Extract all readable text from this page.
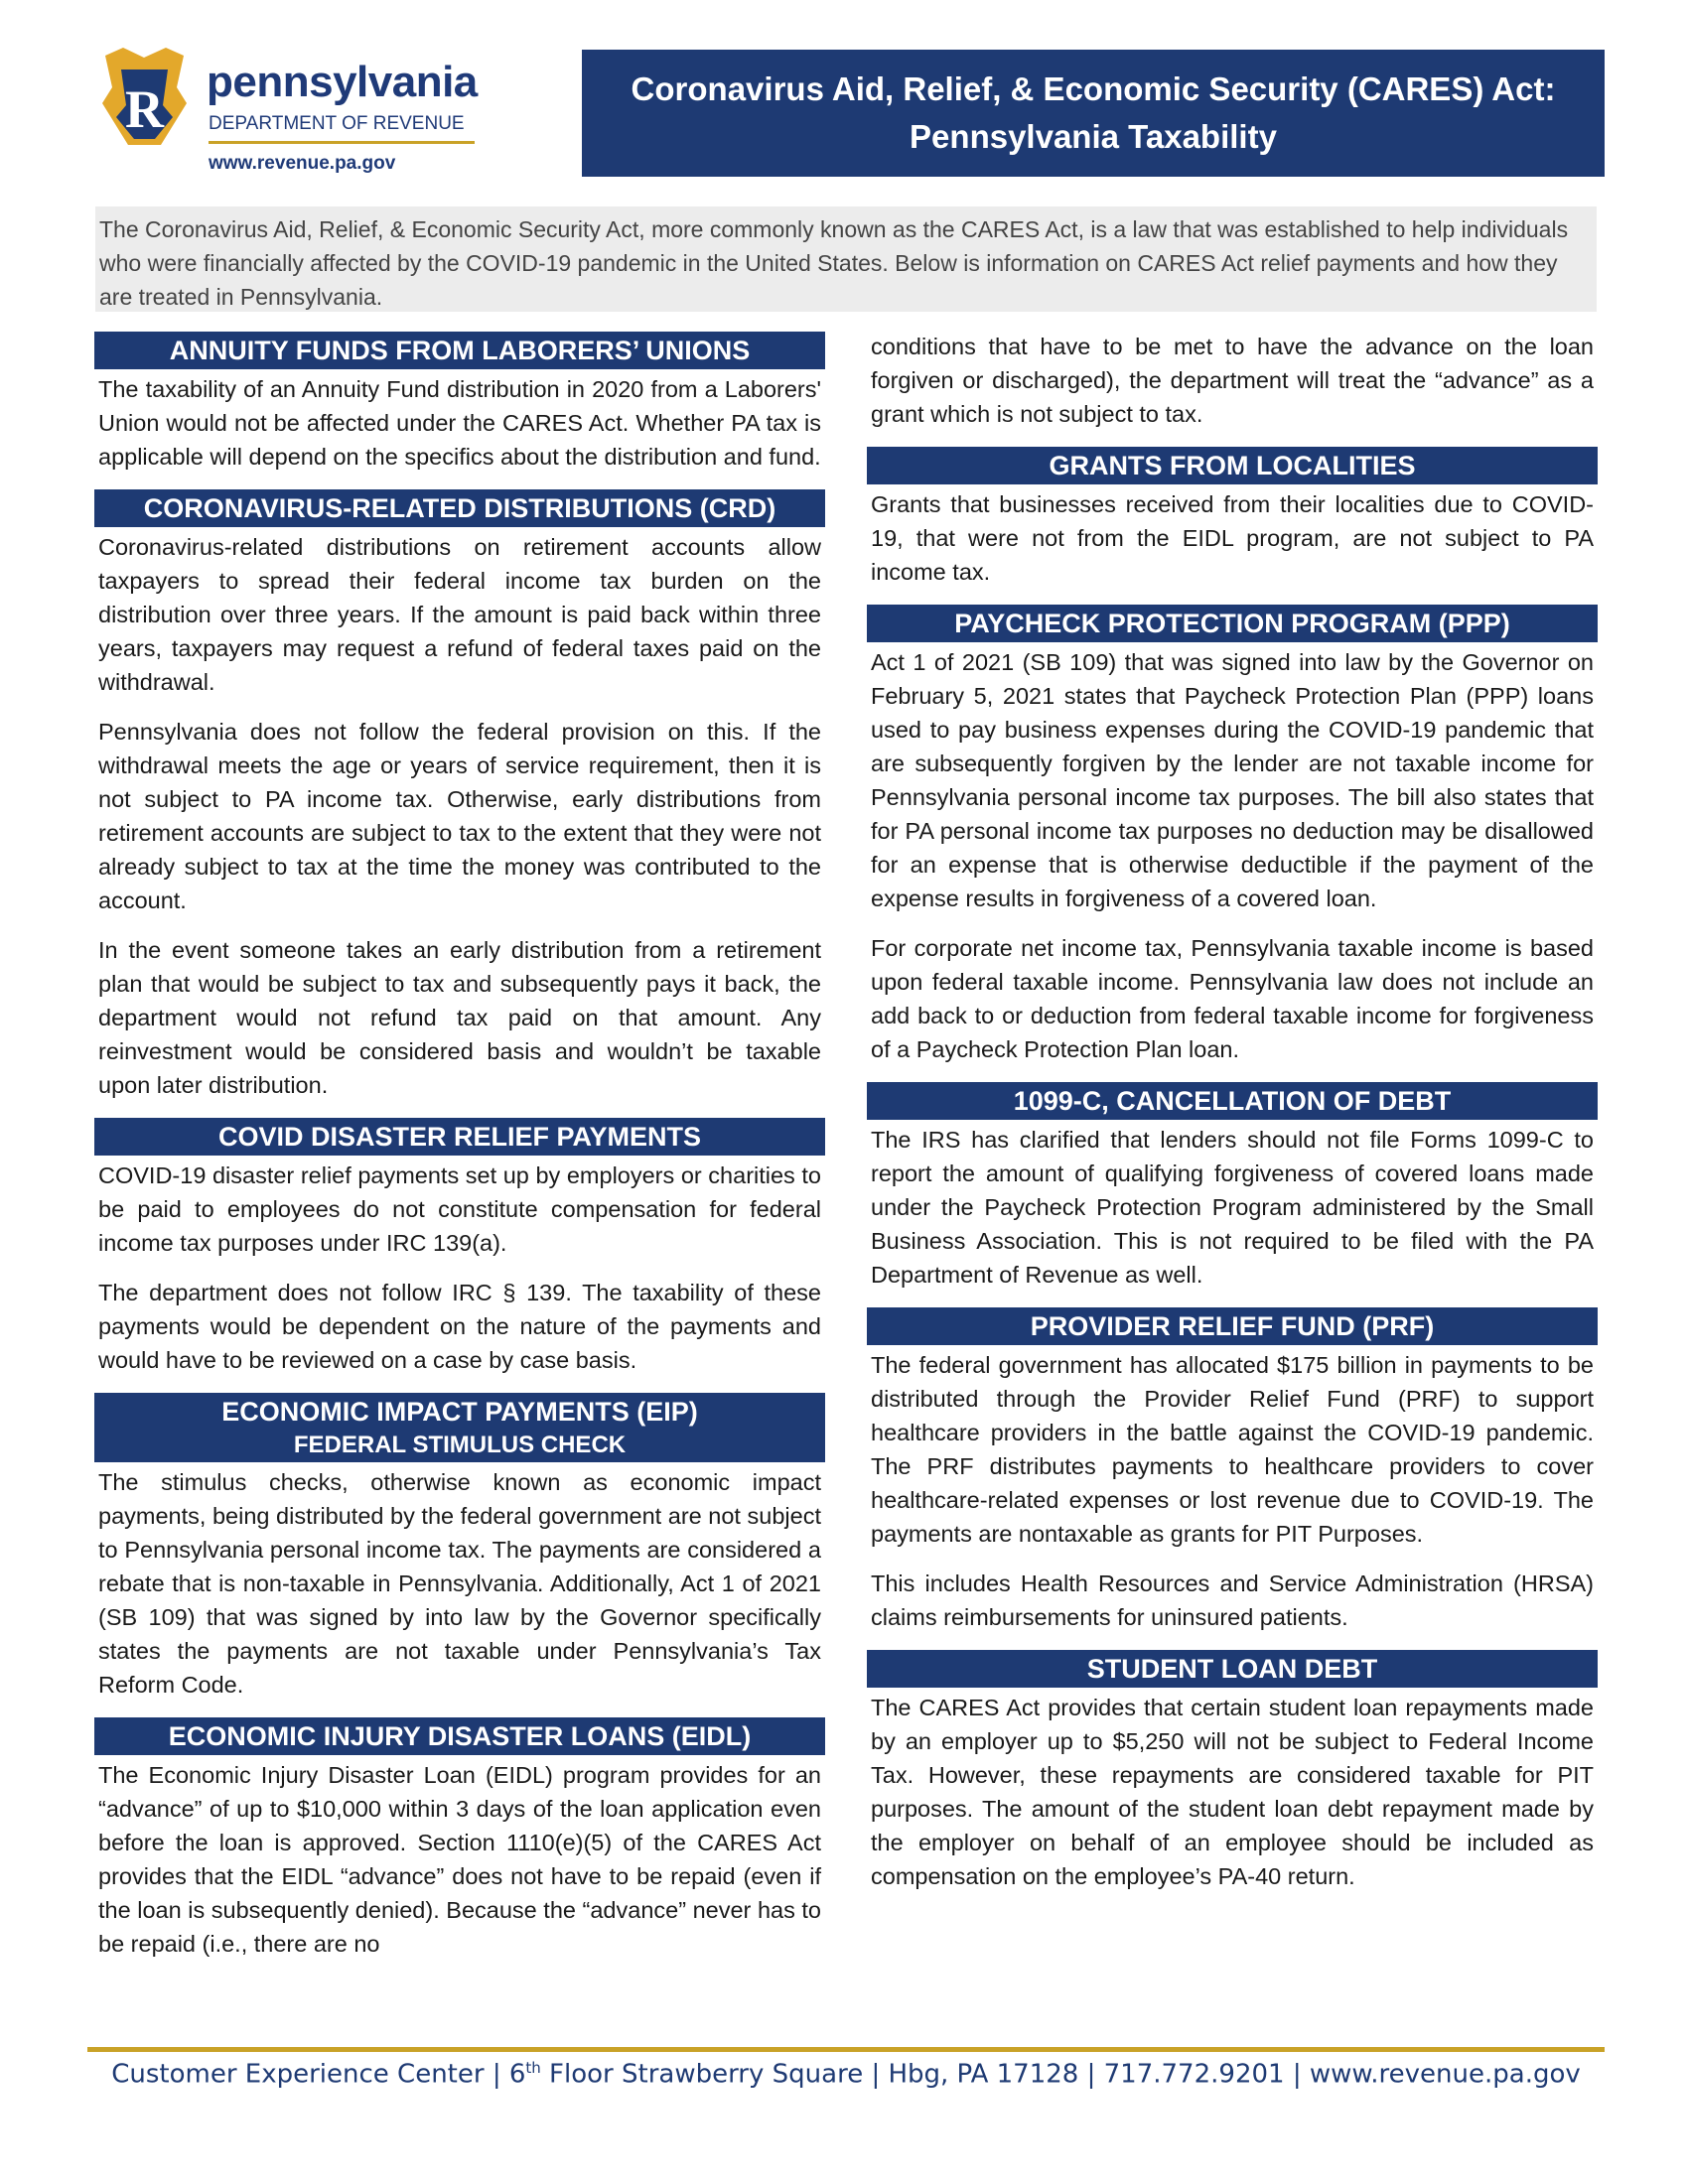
R pennsylvania
DEPARTMENT OF REVENUE
www.revenue.pa.gov
Coronavirus Aid, Relief, & Economic Security (CARES) Act:
Pennsylvania Taxability
The Coronavirus Aid, Relief, & Economic Security Act, more commonly known as the CARES Act, is a law that was established to help individuals who were financially affected by the COVID-19 pandemic in the United States. Below is information on CARES Act relief payments and how they are treated in Pennsylvania.
ANNUITY FUNDS FROM LABORERS’ UNIONS

The taxability of an Annuity Fund distribution in 2020 from a Laborers' Union would not be affected under the CARES Act. Whether PA tax is applicable will depend on the specifics about the distribution and fund.

CORONAVIRUS-RELATED DISTRIBUTIONS (CRD)

Coronavirus-related distributions on retirement accounts allow taxpayers to spread their federal income tax burden on the distribution over three years. If the amount is paid back within three years, taxpayers may request a refund of federal taxes paid on the withdrawal.

Pennsylvania does not follow the federal provision on this. If the withdrawal meets the age or years of service requirement, then it is not subject to PA income tax. Otherwise, early distributions from retirement accounts are subject to tax to the extent that they were not already subject to tax at the time the money was contributed to the account.

In the event someone takes an early distribution from a retirement plan that would be subject to tax and subsequently pays it back, the department would not refund tax paid on that amount. Any reinvestment would be considered basis and wouldn’t be taxable upon later distribution.

COVID DISASTER RELIEF PAYMENTS

COVID-19 disaster relief payments set up by employers or charities to be paid to employees do not constitute compensation for federal income tax purposes under IRC 139(a).

The department does not follow IRC § 139. The taxability of these payments would be dependent on the nature of the payments and would have to be reviewed on a case by case basis.

ECONOMIC IMPACT PAYMENTS (EIP)
FEDERAL STIMULUS CHECK

The stimulus checks, otherwise known as economic impact payments, being distributed by the federal government are not subject to Pennsylvania personal income tax. The payments are considered a rebate that is non-taxable in Pennsylvania. Additionally, Act 1 of 2021 (SB 109) that was signed by into law by the Governor specifically states the payments are not taxable under Pennsylvania’s Tax Reform Code.

ECONOMIC INJURY DISASTER LOANS (EIDL)

The Economic Injury Disaster Loan (EIDL) program provides for an “advance” of up to $10,000 within 3 days of the loan application even before the loan is approved. Section 1110(e)(5) of the CARES Act provides that the EIDL “advance” does not have to be repaid (even if the loan is subsequently denied). Because the “advance” never has to be repaid (i.e., there are no

conditions that have to be met to have the advance on the loan forgiven or discharged), the department will treat the “advance” as a grant which is not subject to tax.

GRANTS FROM LOCALITIES

Grants that businesses received from their localities due to COVID-19, that were not from the EIDL program, are not subject to PA income tax.

PAYCHECK PROTECTION PROGRAM (PPP)

Act 1 of 2021 (SB 109) that was signed into law by the Governor on February 5, 2021 states that Paycheck Protection Plan (PPP) loans used to pay business expenses during the COVID-19 pandemic that are subsequently forgiven by the lender are not taxable income for Pennsylvania personal income tax purposes. The bill also states that for PA personal income tax purposes no deduction may be disallowed for an expense that is otherwise deductible if the payment of the expense results in forgiveness of a covered loan.

For corporate net income tax, Pennsylvania taxable income is based upon federal taxable income. Pennsylvania law does not include an add back to or deduction from federal taxable income for forgiveness of a Paycheck Protection Plan loan.

1099-C, CANCELLATION OF DEBT

The IRS has clarified that lenders should not file Forms 1099-C to report the amount of qualifying forgiveness of covered loans made under the Paycheck Protection Program administered by the Small Business Association. This is not required to be filed with the PA Department of Revenue as well.

PROVIDER RELIEF FUND (PRF)

The federal government has allocated $175 billion in payments to be distributed through the Provider Relief Fund (PRF) to support healthcare providers in the battle against the COVID-19 pandemic. The PRF distributes payments to healthcare providers to cover healthcare-related expenses or lost revenue due to COVID-19. The payments are nontaxable as grants for PIT Purposes.

This includes Health Resources and Service Administration (HRSA) claims reimbursements for uninsured patients.

STUDENT LOAN DEBT

The CARES Act provides that certain student loan repayments made by an employer up to $5,250 will not be subject to Federal Income Tax. However, these repayments are considered taxable for PIT purposes. The amount of the student loan debt repayment made by the employer on behalf of an employee should be included as compensation on the employee’s PA-40 return.

Customer Experience Center | 6th Floor Strawberry Square | Hbg, PA 17128 | 717.772.9201 | www.revenue.pa.gov
